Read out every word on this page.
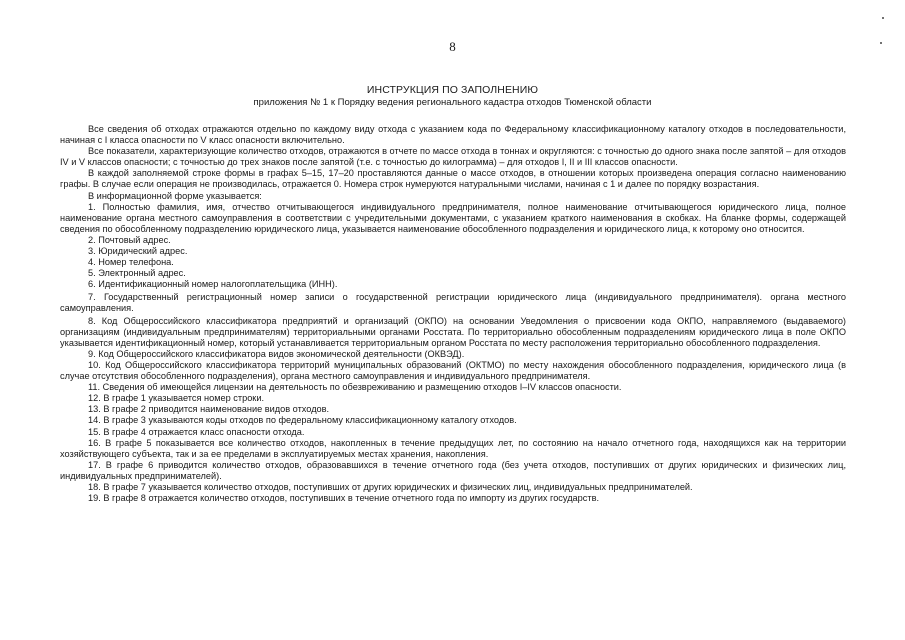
8
ИНСТРУКЦИЯ ПО ЗАПОЛНЕНИЮ
приложения № 1 к Порядку ведения регионального кадастра отходов Тюменской области

Все сведения об отходах отражаются отдельно по каждому виду отхода с указанием кода по Федеральному классификационному каталогу отходов в последовательности, начиная с I класса опасности по V класс опасности включительно.

Все показатели, характеризующие количество отходов, отражаются в отчете по массе отхода в тоннах и округляются: с точностью до одного знака после запятой – для отходов IV и V классов опасности; с точностью до трех знаков после запятой (т.е. с точностью до килограмма) – для отходов I, II и III классов опасности.

В каждой заполняемой строке формы в графах 5–15, 17–20 проставляются данные о массе отходов, в отношении которых произведена операция согласно наименованию графы. В случае если операция не производилась, отражается 0. Номера строк нумеруются натуральными числами, начиная с 1 и далее по порядку возрастания.

В информационной форме указывается:

1. Полностью фамилия, имя, отчество отчитывающегося индивидуального предпринимателя, полное наименование отчитывающегося юридического лица, полное наименование органа местного самоуправления в соответствии с учредительными документами, с указанием краткого наименования в скобках. На бланке формы, содержащей сведения по обособленному подразделению юридического лица, указывается наименование обособленного подразделения и юридического лица, к которому оно относится.

2. Почтовый адрес.

3. Юридический адрес.

4. Номер телефона.

5. Электронный адрес.

6. Идентификационный номер налогоплательщика (ИНН).

7. Государственный регистрационный номер записи о государственной регистрации юридического лица (индивидуального предпринимателя). органа местного самоуправления.

8. Код Общероссийского классификатора предприятий и организаций (ОКПО) на основании Уведомления о присвоении кода ОКПО, направляемого (выдаваемого) организациям (индивидуальным предпринимателям) территориальными органами Росстата. По территориально обособленным подразделениям юридического лица в поле ОКПО указывается идентификационный номер, который устанавливается территориальным органом Росстата по месту расположения территориально обособленного подразделения.

9. Код Общероссийского классификатора видов экономической деятельности (ОКВЭД).

10. Код Общероссийского классификатора территорий муниципальных образований (ОКТМО) по месту нахождения обособленного подразделения, юридического лица (в случае отсутствия обособленного подразделения), органа местного самоуправления и индивидуального предпринимателя.

11. Сведения об имеющейся лицензии на деятельность по обезвреживанию и размещению отходов I–IV классов опасности.

12. В графе 1 указывается номер строки.

13. В графе 2 приводится наименование видов отходов.

14. В графе 3 указываются коды отходов по федеральному классификационному каталогу отходов.

15. В графе 4 отражается класс опасности отхода.

16. В графе 5 показывается все количество отходов, накопленных в течение предыдущих лет, по состоянию на начало отчетного года, находящихся как на территории хозяйствующего субъекта, так и за ее пределами в эксплуатируемых местах хранения, накопления.

17. В графе 6 приводится количество отходов, образовавшихся в течение отчетного года (без учета отходов, поступивших от других юридических и физических лиц, индивидуальных предпринимателей).

18. В графе 7 указывается количество отходов, поступивших от других юридических и физических лиц, индивидуальных предпринимателей.

19. В графе 8 отражается количество отходов, поступивших в течение отчетного года по импорту из других государств.
